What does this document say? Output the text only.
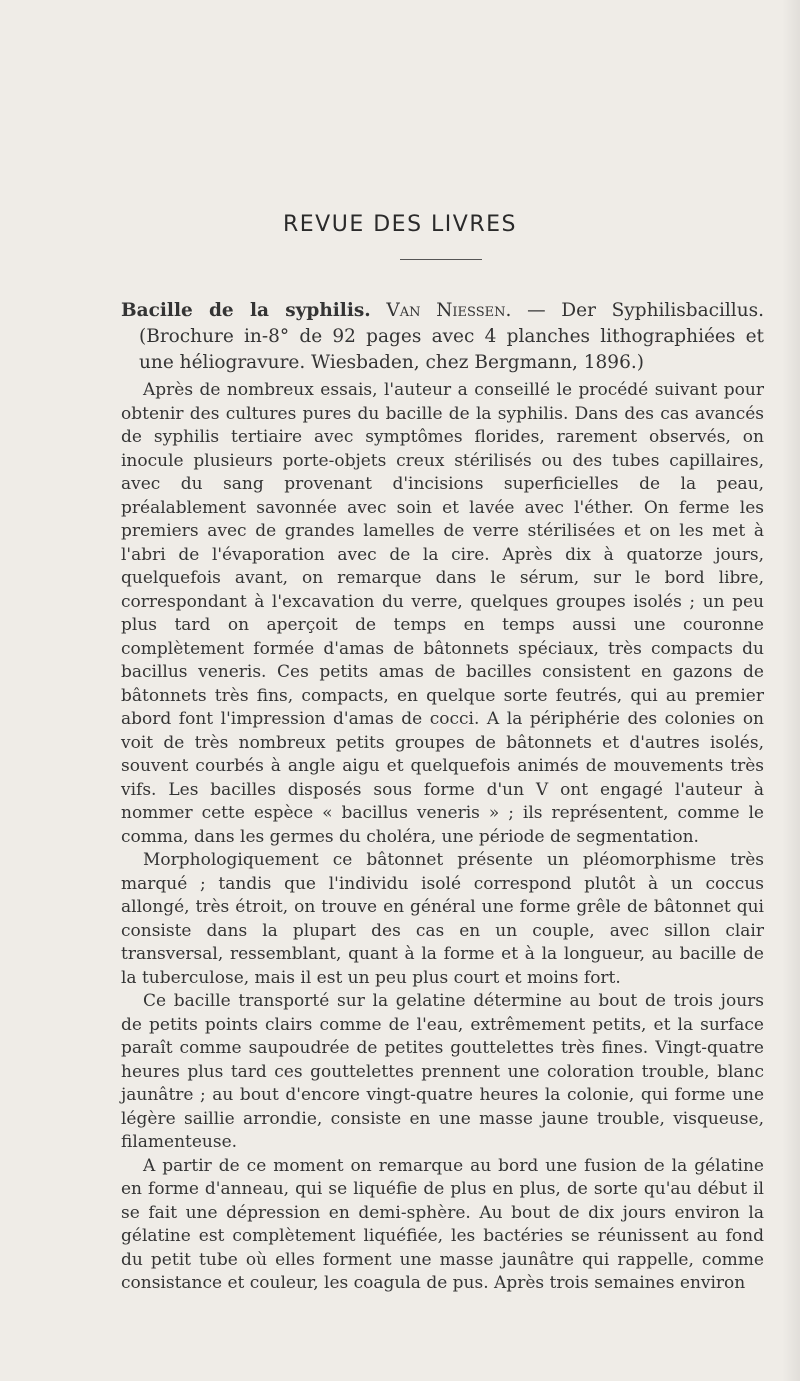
REVUE DES LIVRES

Bacille de la syphilis. Van Niessen. — Der Syphilisbacillus. (Brochure in-8° de 92 pages avec 4 planches lithographiées et une héliogravure. Wiesbaden, chez Bergmann, 1896.)

Après de nombreux essais, l'auteur a conseillé le procédé suivant pour obtenir des cultures pures du bacille de la syphilis. Dans des cas avancés de syphilis tertiaire avec symptômes florides, rarement observés, on inocule plusieurs porte-objets creux stérilisés ou des tubes capillaires, avec du sang provenant d'incisions superficielles de la peau, préalablement savonnée avec soin et lavée avec l'éther. On ferme les premiers avec de grandes lamelles de verre stérilisées et on les met à l'abri de l'évaporation avec de la cire. Après dix à quatorze jours, quelquefois avant, on remarque dans le sérum, sur le bord libre, correspondant à l'excavation du verre, quelques groupes isolés ; un peu plus tard on aperçoit de temps en temps aussi une couronne complètement formée d'amas de bâtonnets spéciaux, très compacts du bacillus veneris. Ces petits amas de bacilles consistent en gazons de bâtonnets très fins, compacts, en quelque sorte feutrés, qui au premier abord font l'impression d'amas de cocci. A la périphérie des colonies on voit de très nombreux petits groupes de bâtonnets et d'autres isolés, souvent courbés à angle aigu et quelquefois animés de mouvements très vifs. Les bacilles disposés sous forme d'un V ont engagé l'auteur à nommer cette espèce « bacillus veneris » ; ils représentent, comme le comma, dans les germes du choléra, une période de segmentation.

Morphologiquement ce bâtonnet présente un pléomorphisme très marqué ; tandis que l'individu isolé correspond plutôt à un coccus allongé, très étroit, on trouve en général une forme grêle de bâtonnet qui consiste dans la plupart des cas en un couple, avec sillon clair transversal, ressemblant, quant à la forme et à la longueur, au bacille de la tuberculose, mais il est un peu plus court et moins fort.

Ce bacille transporté sur la gelatine détermine au bout de trois jours de petits points clairs comme de l'eau, extrêmement petits, et la surface paraît comme saupoudrée de petites gouttelettes très fines. Vingt-quatre heures plus tard ces gouttelettes prennent une coloration trouble, blanc jaunâtre ; au bout d'encore vingt-quatre heures la colonie, qui forme une légère saillie arrondie, consiste en une masse jaune trouble, visqueuse, filamenteuse.

A partir de ce moment on remarque au bord une fusion de la gélatine en forme d'anneau, qui se liquéfie de plus en plus, de sorte qu'au début il se fait une dépression en demi-sphère. Au bout de dix jours environ la gélatine est complètement liquéfiée, les bactéries se réunissent au fond du petit tube où elles forment une masse jaunâtre qui rappelle, comme consistance et couleur, les coagula de pus. Après trois semaines environ
